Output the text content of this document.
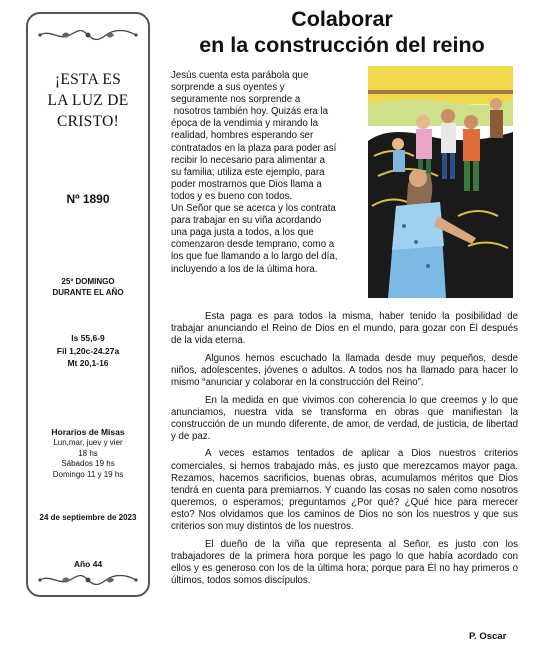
¡ESTA ES
LA LUZ DE
CRISTO!
Nº 1890
25º DOMINGO
DURANTE EL AÑO
Is 55,6-9
Fil 1,20c-24.27a
Mt 20,1-16
Horarios de Misas
Lun,mar, juev y vier
18 hs
Sábados 19 hs
Domingo 11 y 19 hs
24 de septiembre de 2023
Año 44
Colaborar
en la construcción del reino
Jesús cuenta esta parábola que
sorprende a sus oyentes y
seguramente nos sorprende a
nosotros también hoy. Quizás era la
época de la vendimia y mirando la
realidad, hombres esperando ser
contratados en la plaza para poder así
recibir lo necesario para alimentar a
su familia; utiliza este ejemplo, para
poder mostrarnos que Dios llama a
todos y es bueno con todos.
Un Señor que se acerca y los contrata
para trabajar en su viña acordando
una paga justa a todos, a los que
comenzaron desde temprano, como a
los que fue llamando a lo largo del día,
incluyendo a los de la última hora.

Esta paga es para todos la misma, haber tenido la posibilidad de trabajar anunciando el Reino de Dios en el mundo, para gozar con Él después de la vida eterna.

Algunos hemos escuchado la llamada desde muy pequeños, desde niños, adolescentes, jóvenes o adultos. A todos nos ha llamado para hacer lo mismo “anunciar y colaborar en la construcción del Reino”.

En la medida en que vivimos con coherencia lo que creemos y lo que anunciamos, nuestra vida se transforma en obras que manifiestan la construcción de un mundo diferente, de amor, de verdad, de justicia, de libertad y de paz.

A veces estamos tentados de aplicar a Dios nuestros criterios comerciales, si hemos trabajado más, es justo que merezcamos mayor paga. Rezamos, hacemos sacrificios, buenas obras, acumulamos méritos que Dios tendrá en cuenta para premiarnos. Y cuando las cosas no salen como nosotros queremos, o esperamos; preguntamos ¿Por qué? ¿Qué hice para merecer esto? Nos olvidamos que los caminos de Dios no son los nuestros y que sus criterios son muy distintos de los nuestros.

El dueño de la viña que representa al Señor, es justo con los trabajadores de la primera hora porque les pago lo que había acordado con ellos y es generoso con los de la última hora; porque para Él no hay primeros o últimos, todos somos discípulos.

P. Oscar
